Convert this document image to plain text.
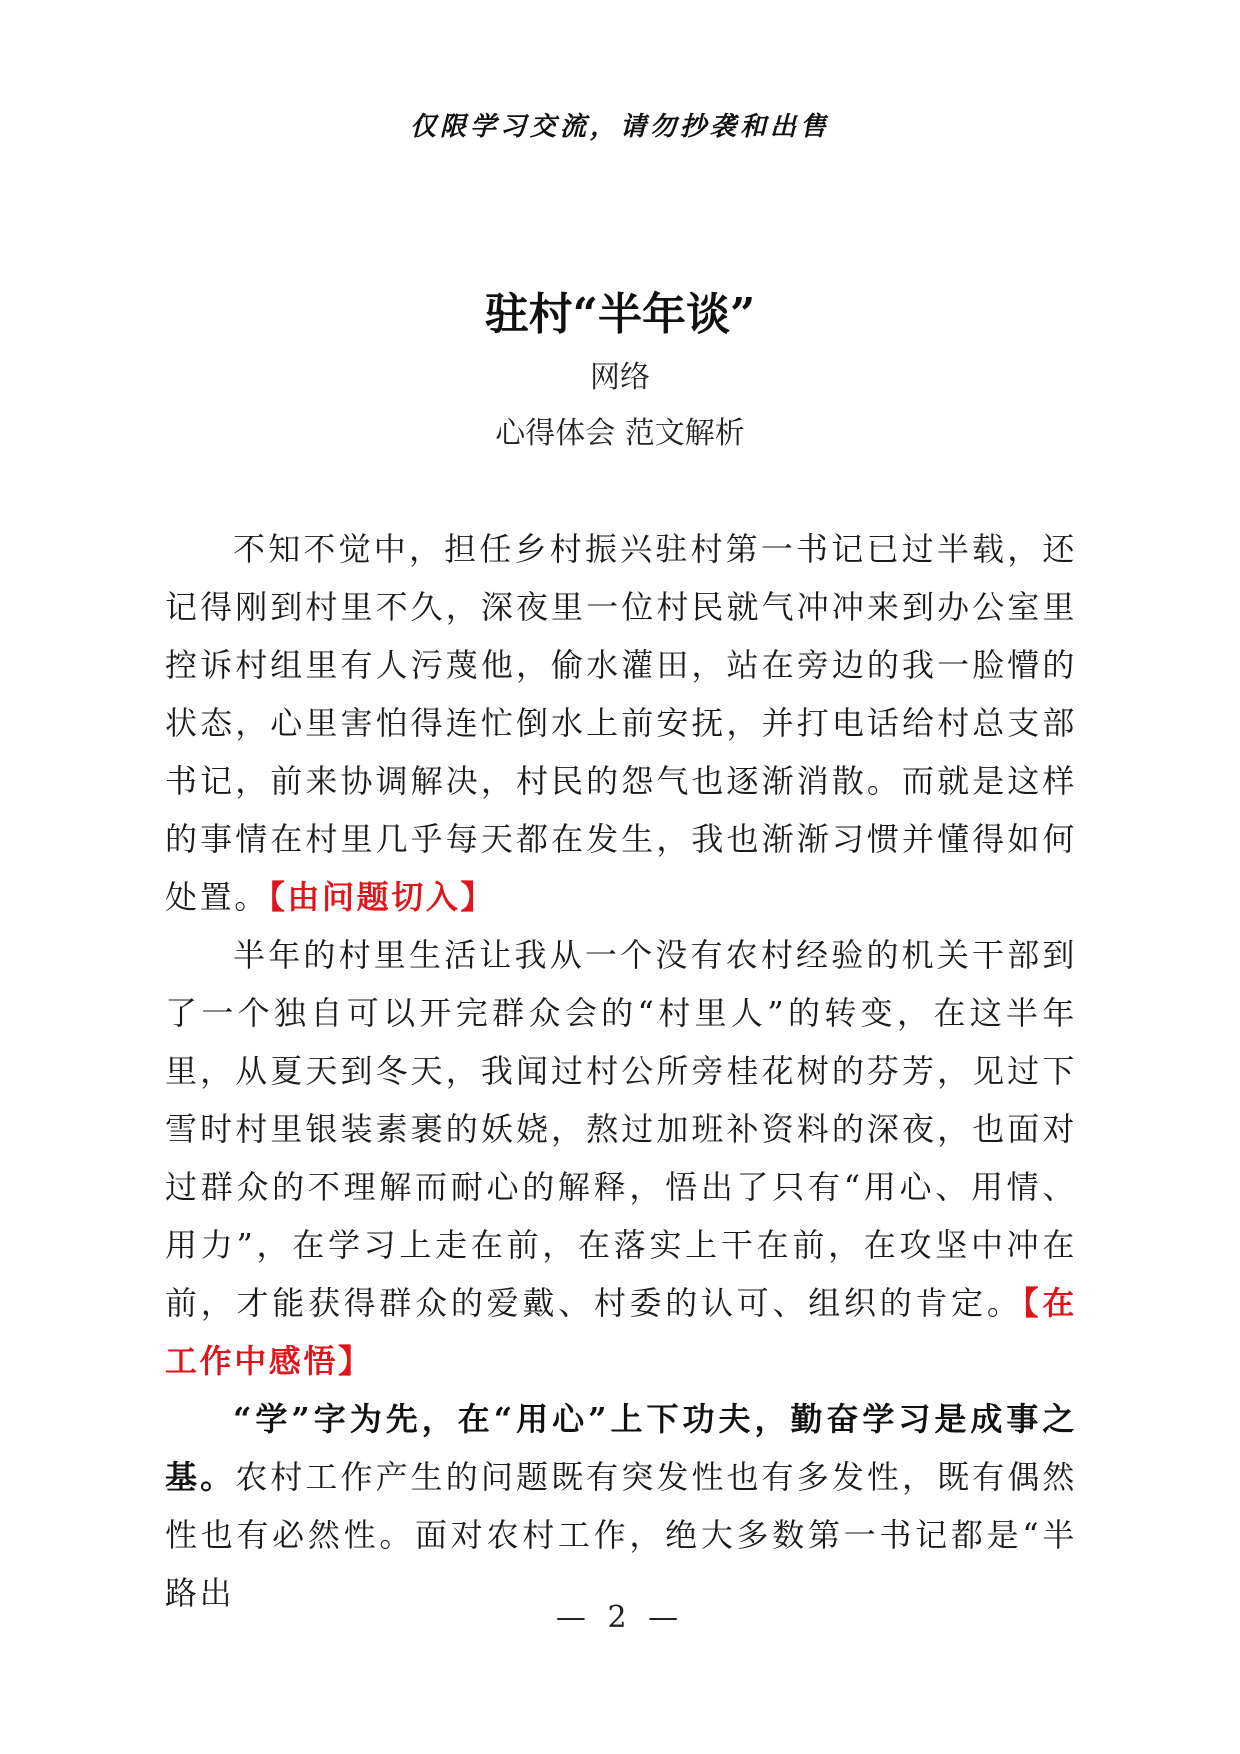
仅限学习交流，请勿抄袭和出售
驻村“半年谈”
网络
心得体会 范文解析

不知不觉中，担任乡村振兴驻村第一书记已过半载，还记得刚到村里不久，深夜里一位村民就气冲冲来到办公室里控诉村组里有人污蔑他，偷水灌田，站在旁边的我一脸懵的状态，心里害怕得连忙倒水上前安抚，并打电话给村总支部书记，前来协调解决，村民的怨气也逐渐消散。而就是这样的事情在村里几乎每天都在发生，我也渐渐习惯并懂得如何处置。【由问题切入】

半年的村里生活让我从一个没有农村经验的机关干部到了一个独自可以开完群众会的“村里人”的转变，在这半年里，从夏天到冬天，我闻过村公所旁桂花树的芬芳，见过下雪时村里银装素裹的妖娆，熬过加班补资料的深夜，也面对过群众的不理解而耐心的解释，悟出了只有“用心、用情、用力”，在学习上走在前，在落实上干在前，在攻坚中冲在前，才能获得群众的爱戴、村委的认可、组织的肯定。【在工作中感悟】

“学”字为先，在“用心”上下功夫，勤奋学习是成事之基。农村工作产生的问题既有突发性也有多发性，既有偶然性也有必然性。面对农村工作，绝大多数第一书记都是“半路出

— 2 —
